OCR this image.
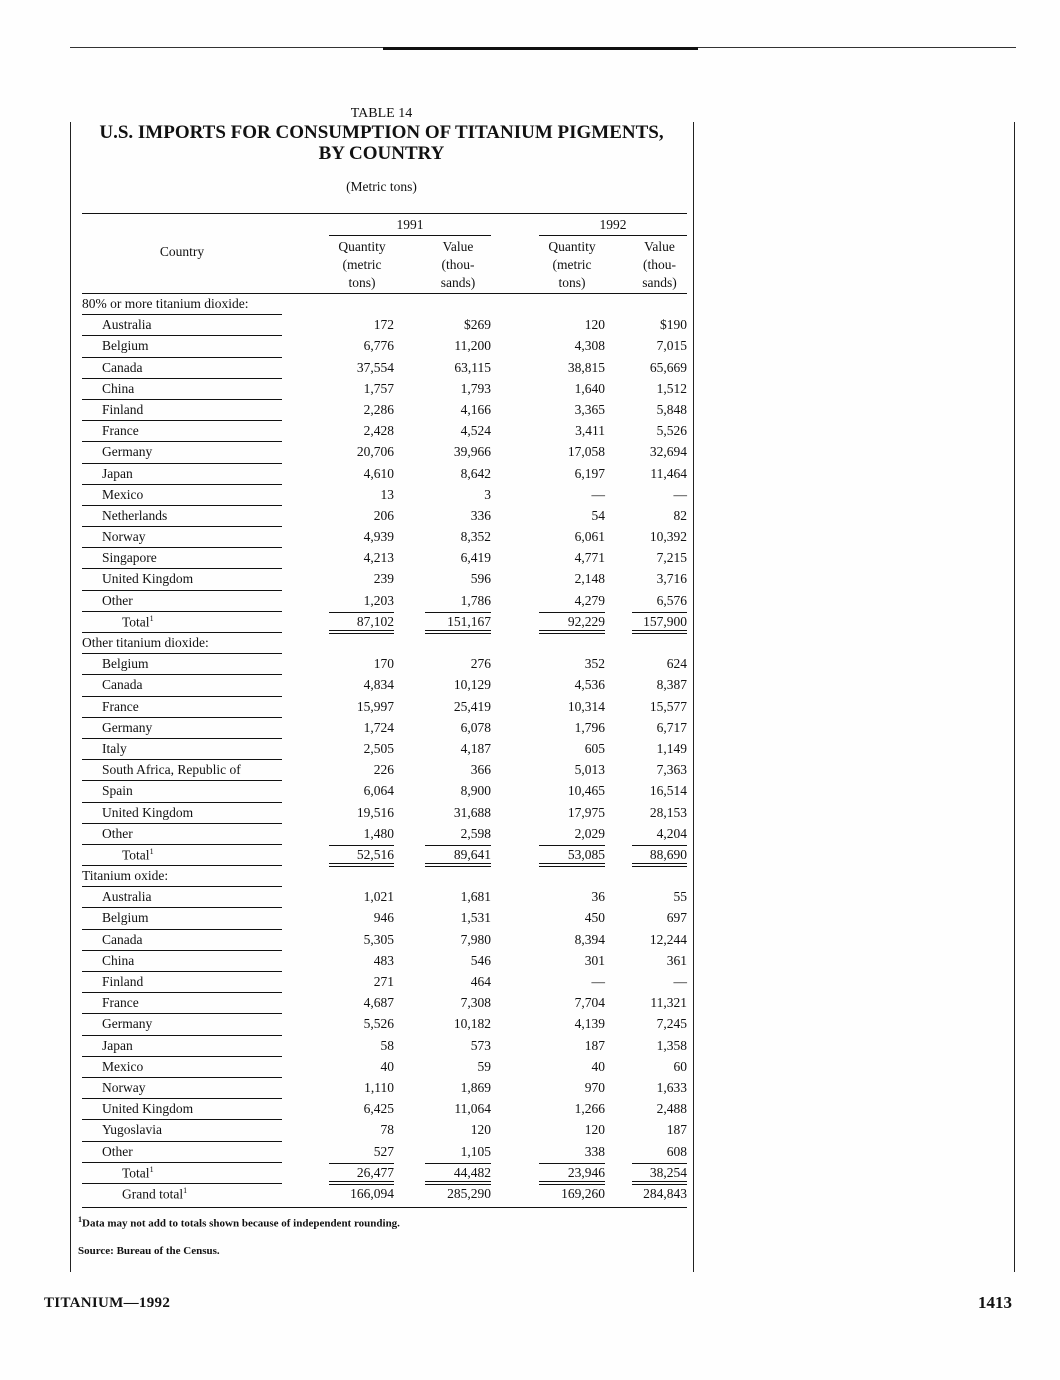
TABLE 14
U.S. IMPORTS FOR CONSUMPTION OF TITANIUM PIGMENTS,
BY COUNTRY
(Metric tons)
Country
1991	1992
Quantity
(metric
tons)
Value
(thou-
sands)
Quantity
(metric
tons)
Value
(thou-
sands)
80% or more titanium dioxide:
Australia	172	$269	120	$190
Belgium	6,776	11,200	4,308	7,015
Canada	37,554	63,115	38,815	65,669
China	1,757	1,793	1,640	1,512
Finland	2,286	4,166	3,365	5,848
France	2,428	4,524	3,411	5,526
Germany	20,706	39,966	17,058	32,694
Japan	4,610	8,642	6,197	11,464
Mexico	13	3	—	—
Netherlands	206	336	54	82
Norway	4,939	8,352	6,061	10,392
Singapore	4,213	6,419	4,771	7,215
United Kingdom	239	596	2,148	3,716
Other	1,203	1,786	4,279	6,576
Total$^1$	87,102	151,167	92,229	157,900
Other titanium dioxide:
Belgium	170	276	352	624
Canada	4,834	10,129	4,536	8,387
France	15,997	25,419	10,314	15,577
Germany	1,724	6,078	1,796	6,717
Italy	2,505	4,187	605	1,149
South Africa, Republic of	226	366	5,013	7,363
Spain	6,064	8,900	10,465	16,514
United Kingdom	19,516	31,688	17,975	28,153
Other	1,480	2,598	2,029	4,204
Total$^1$	52,516	89,641	53,085	88,690
Titanium oxide:
Australia	1,021	1,681	36	55
Belgium	946	1,531	450	697
Canada	5,305	7,980	8,394	12,244
China	483	546	301	361
Finland	271	464	—	—
France	4,687	7,308	7,704	11,321
Germany	5,526	10,182	4,139	7,245
Japan	58	573	187	1,358
Mexico	40	59	40	60
Norway	1,110	1,869	970	1,633
United Kingdom	6,425	11,064	1,266	2,488
Yugoslavia	78	120	120	187
Other	527	1,105	338	608
Total$^1$	26,477	44,482	23,946	38,254
Grand total$^1$	166,094	285,290	169,260	284,843
$^1$Data may not add to totals shown because of independent rounding.
Source: Bureau of the Census.
TITANIUM—1992	1413
